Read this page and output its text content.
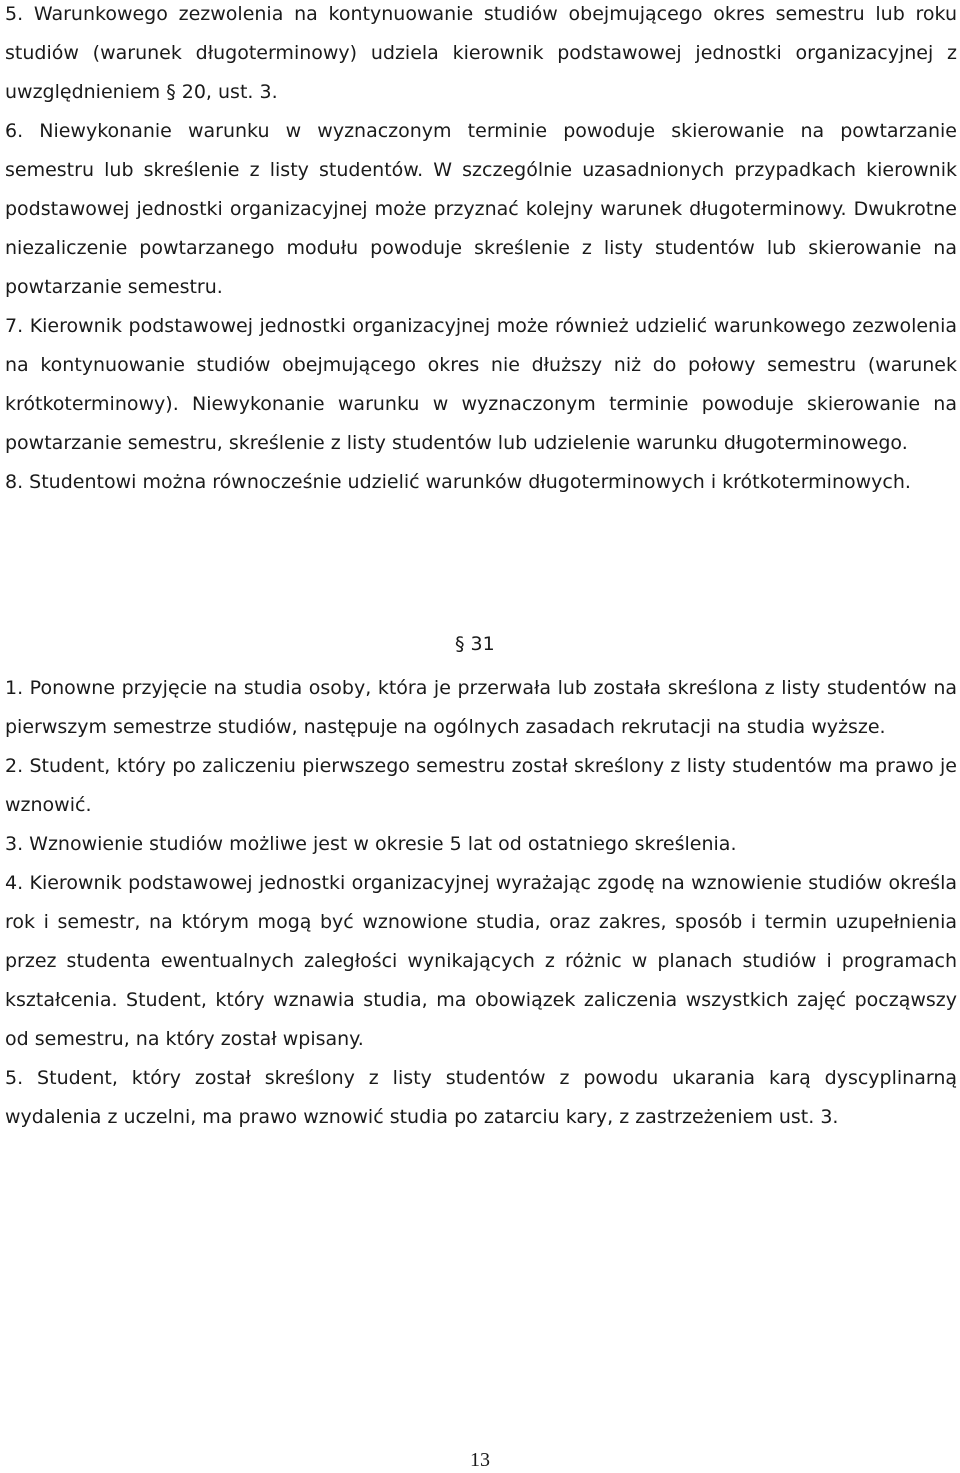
5. Warunkowego zezwolenia na kontynuowanie studiów obejmującego okres semestru lub roku studiów (warunek długoterminowy) udziela kierownik podstawowej jednostki organizacyjnej z uwzględnieniem § 20, ust. 3.

6. Niewykonanie warunku w wyznaczonym terminie powoduje skierowanie na powtarzanie semestru lub skreślenie z listy studentów. W szczególnie uzasadnionych przypadkach kierownik podstawowej jednostki organizacyjnej może przyznać kolejny warunek długoterminowy. Dwukrotne niezaliczenie powtarzanego modułu powoduje skreślenie z listy studentów lub skierowanie na powtarzanie semestru.

7. Kierownik podstawowej jednostki organizacyjnej może również udzielić warunkowego zezwolenia na kontynuowanie studiów obejmującego okres nie dłuższy niż do połowy semestru (warunek krótkoterminowy). Niewykonanie warunku w wyznaczonym terminie powoduje skierowanie na powtarzanie semestru, skreślenie z listy studentów lub udzielenie warunku długoterminowego.

8. Studentowi można równocześnie udzielić warunków długoterminowych i krótkoterminowych.

§ 31

1. Ponowne przyjęcie na studia osoby, która je przerwała lub została skreślona z listy studentów na pierwszym semestrze studiów, następuje na ogólnych zasadach rekrutacji na studia wyższe.

2. Student, który po zaliczeniu pierwszego semestru został skreślony z listy studentów ma prawo je wznowić.

3. Wznowienie studiów możliwe jest w okresie 5 lat od ostatniego skreślenia.

4. Kierownik podstawowej jednostki organizacyjnej wyrażając zgodę na wznowienie studiów określa rok i semestr, na którym mogą być wznowione studia, oraz zakres, sposób i termin uzupełnienia przez studenta ewentualnych zaległości wynikających z różnic w planach studiów i programach kształcenia. Student, który wznawia studia, ma obowiązek zaliczenia wszystkich zajęć począwszy od semestru, na który został wpisany.

5. Student, który został skreślony z listy studentów z powodu ukarania karą dyscyplinarną wydalenia z uczelni, ma prawo wznowić studia po zatarciu kary, z zastrzeżeniem ust. 3.

13
